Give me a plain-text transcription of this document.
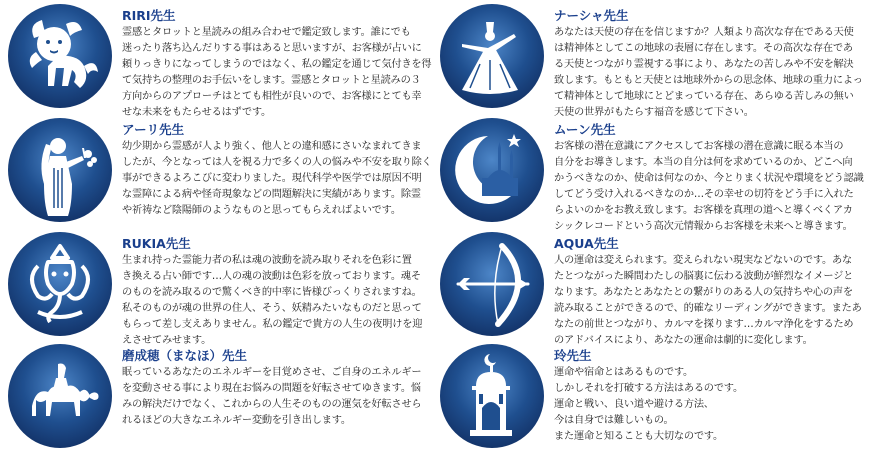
RIRI先生
霊感とタロットと星読みの組み合わせで鑑定致します。誰にでも
迷ったり落ち込んだりする事はあると思いますが、お客様が占いに
頼りっきりになってしまうのではなく、私の鑑定を通じて気付きを得
て気持ちの整理のお手伝いをします。霊感とタロットと星読みの３
方向からのアプローチはとても相性が良いので、お客様にとても幸
せな未来をもたらせるはずです。
アーリ先生
幼少期から霊感が人より強く、他人との違和感にさいなまれてきま
したが、今となっては人を視る力で多くの人の悩みや不安を取り除く
事ができるよろこびに変わりました。現代科学や医学では原因不明
な霊障による病や怪奇現象などの問題解決に実績があります。除霊
や祈祷など陰陽師のようなものと思ってもらえればよいです。
RUKIA先生
生まれ持った霊能力者の私は魂の波動を読み取りそれを色彩に置
き換える占い師です…人の魂の波動は色彩を放っております。魂そ
のものを読み取るので驚くべき的中率に皆様びっくりされますね。
私そのものが魂の世界の住人、そう、妖精みたいなものだと思って
もらって差し支えありません。私の鑑定で貴方の人生の夜明けを迎
えさせてみせます。
磨成穂（まなほ）先生
眠っているあなたのエネルギーを目覚めさせ、ご自身のエネルギー
を変動させる事により現在お悩みの問題を好転させてゆきます。悩
みの解決だけでなく、これからの人生そのものの運気を好転させら
れるほどの大きなエネルギー変動を引き出します。
ナーシャ先生
あなたは天使の存在を信じますか？人類より高次な存在である天使
は精神体としてこの地球の表層に存在します。その高次な存在であ
る天使とつながり霊視する事により、あなたの苦しみや不安を解決
致します。もともと天使とは地球外からの思念体、地球の重力によっ
て精神体として地球にとどまっている存在、あらゆる苦しみの無い
天使の世界がもたらす福音を感じて下さい。
ムーン先生
お客様の潜在意識にアクセスしてお客様の潜在意識に眠る本当の
自分をお導きします。本当の自分は何を求めているのか、どこへ向
かうべきなのか、使命は何なのか、今とりまく状況や環境をどう認識
してどう受け入れるべきなのか…その幸せの切符をどう手に入れた
らよいのかをお教え致します。お客様を真理の道へと導くべくアカ
シックレコードという高次元情報からお客様を未来へと導きます。
AQUA先生
人の運命は変えられます。変えられない現実などないのです。あな
たとつながった瞬間わたしの脳裏に伝わる波動が鮮烈なイメージと
なります。あなたとあなたとの繋がりのある人の気持ちや心の声を
読み取ることができるので、的確なリーディングができます。またあ
なたの前世とつながり、カルマを探ります…カルマ浄化をするため
のアドバイスにより、あなたの運命は劇的に変化します。
玲先生
運命や宿命とはあるものです。
しかしそれを打破する方法はあるのです。
運命と戦い、良い道や避ける方法、
今は自身では難しいもの。
また運命と知ることも大切なのです。
